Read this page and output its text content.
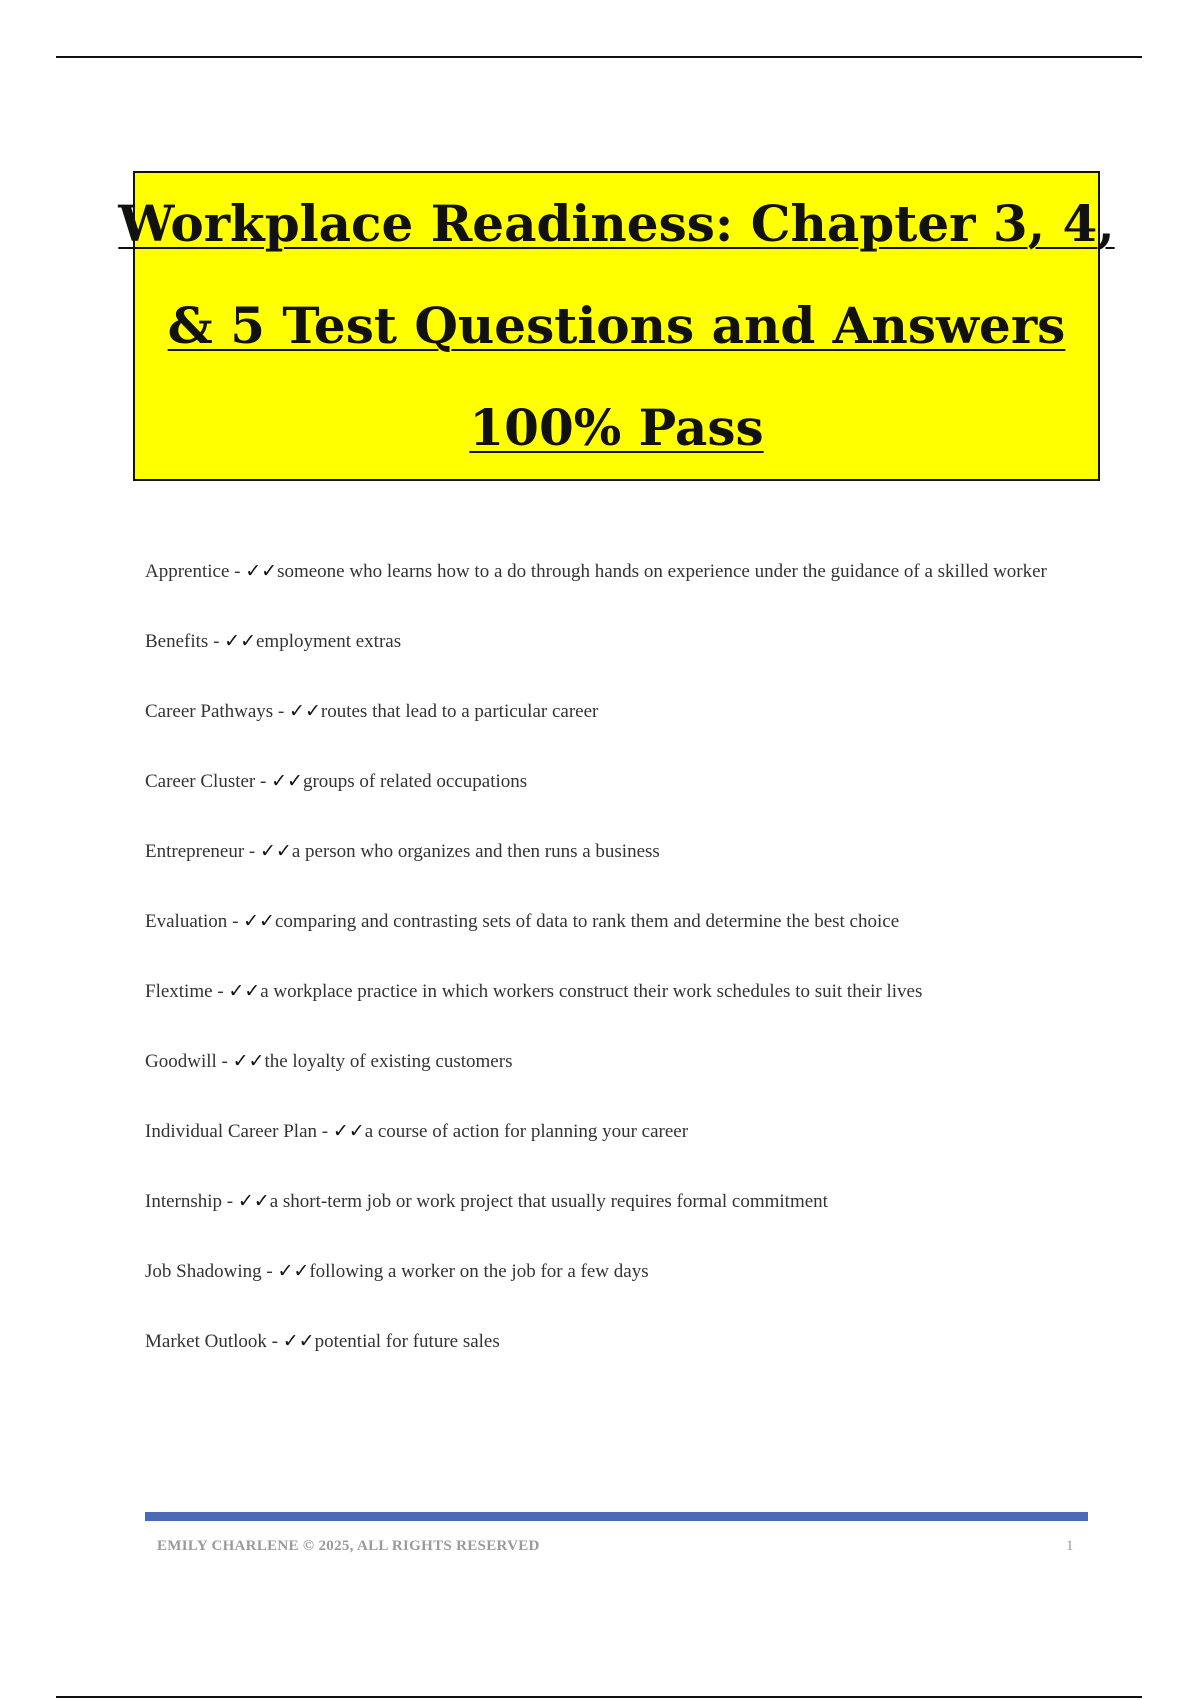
Workplace Readiness: Chapter 3, 4,
& 5 Test Questions and Answers
100% Pass

Apprentice - ✓✓someone who learns how to a do through hands on experience under the guidance of a skilled worker

Benefits - ✓✓employment extras

Career Pathways - ✓✓routes that lead to a particular career

Career Cluster - ✓✓groups of related occupations

Entrepreneur - ✓✓a person who organizes and then runs a business

Evaluation - ✓✓comparing and contrasting sets of data to rank them and determine the best choice

Flextime - ✓✓a workplace practice in which workers construct their work schedules to suit their lives

Goodwill - ✓✓the loyalty of existing customers

Individual Career Plan - ✓✓a course of action for planning your career

Internship - ✓✓a short-term job or work project that usually requires formal commitment

Job Shadowing - ✓✓following a worker on the job for a few days

Market Outlook - ✓✓potential for future sales

EMILY CHARLENE © 2025, ALL RIGHTS RESERVED	1
